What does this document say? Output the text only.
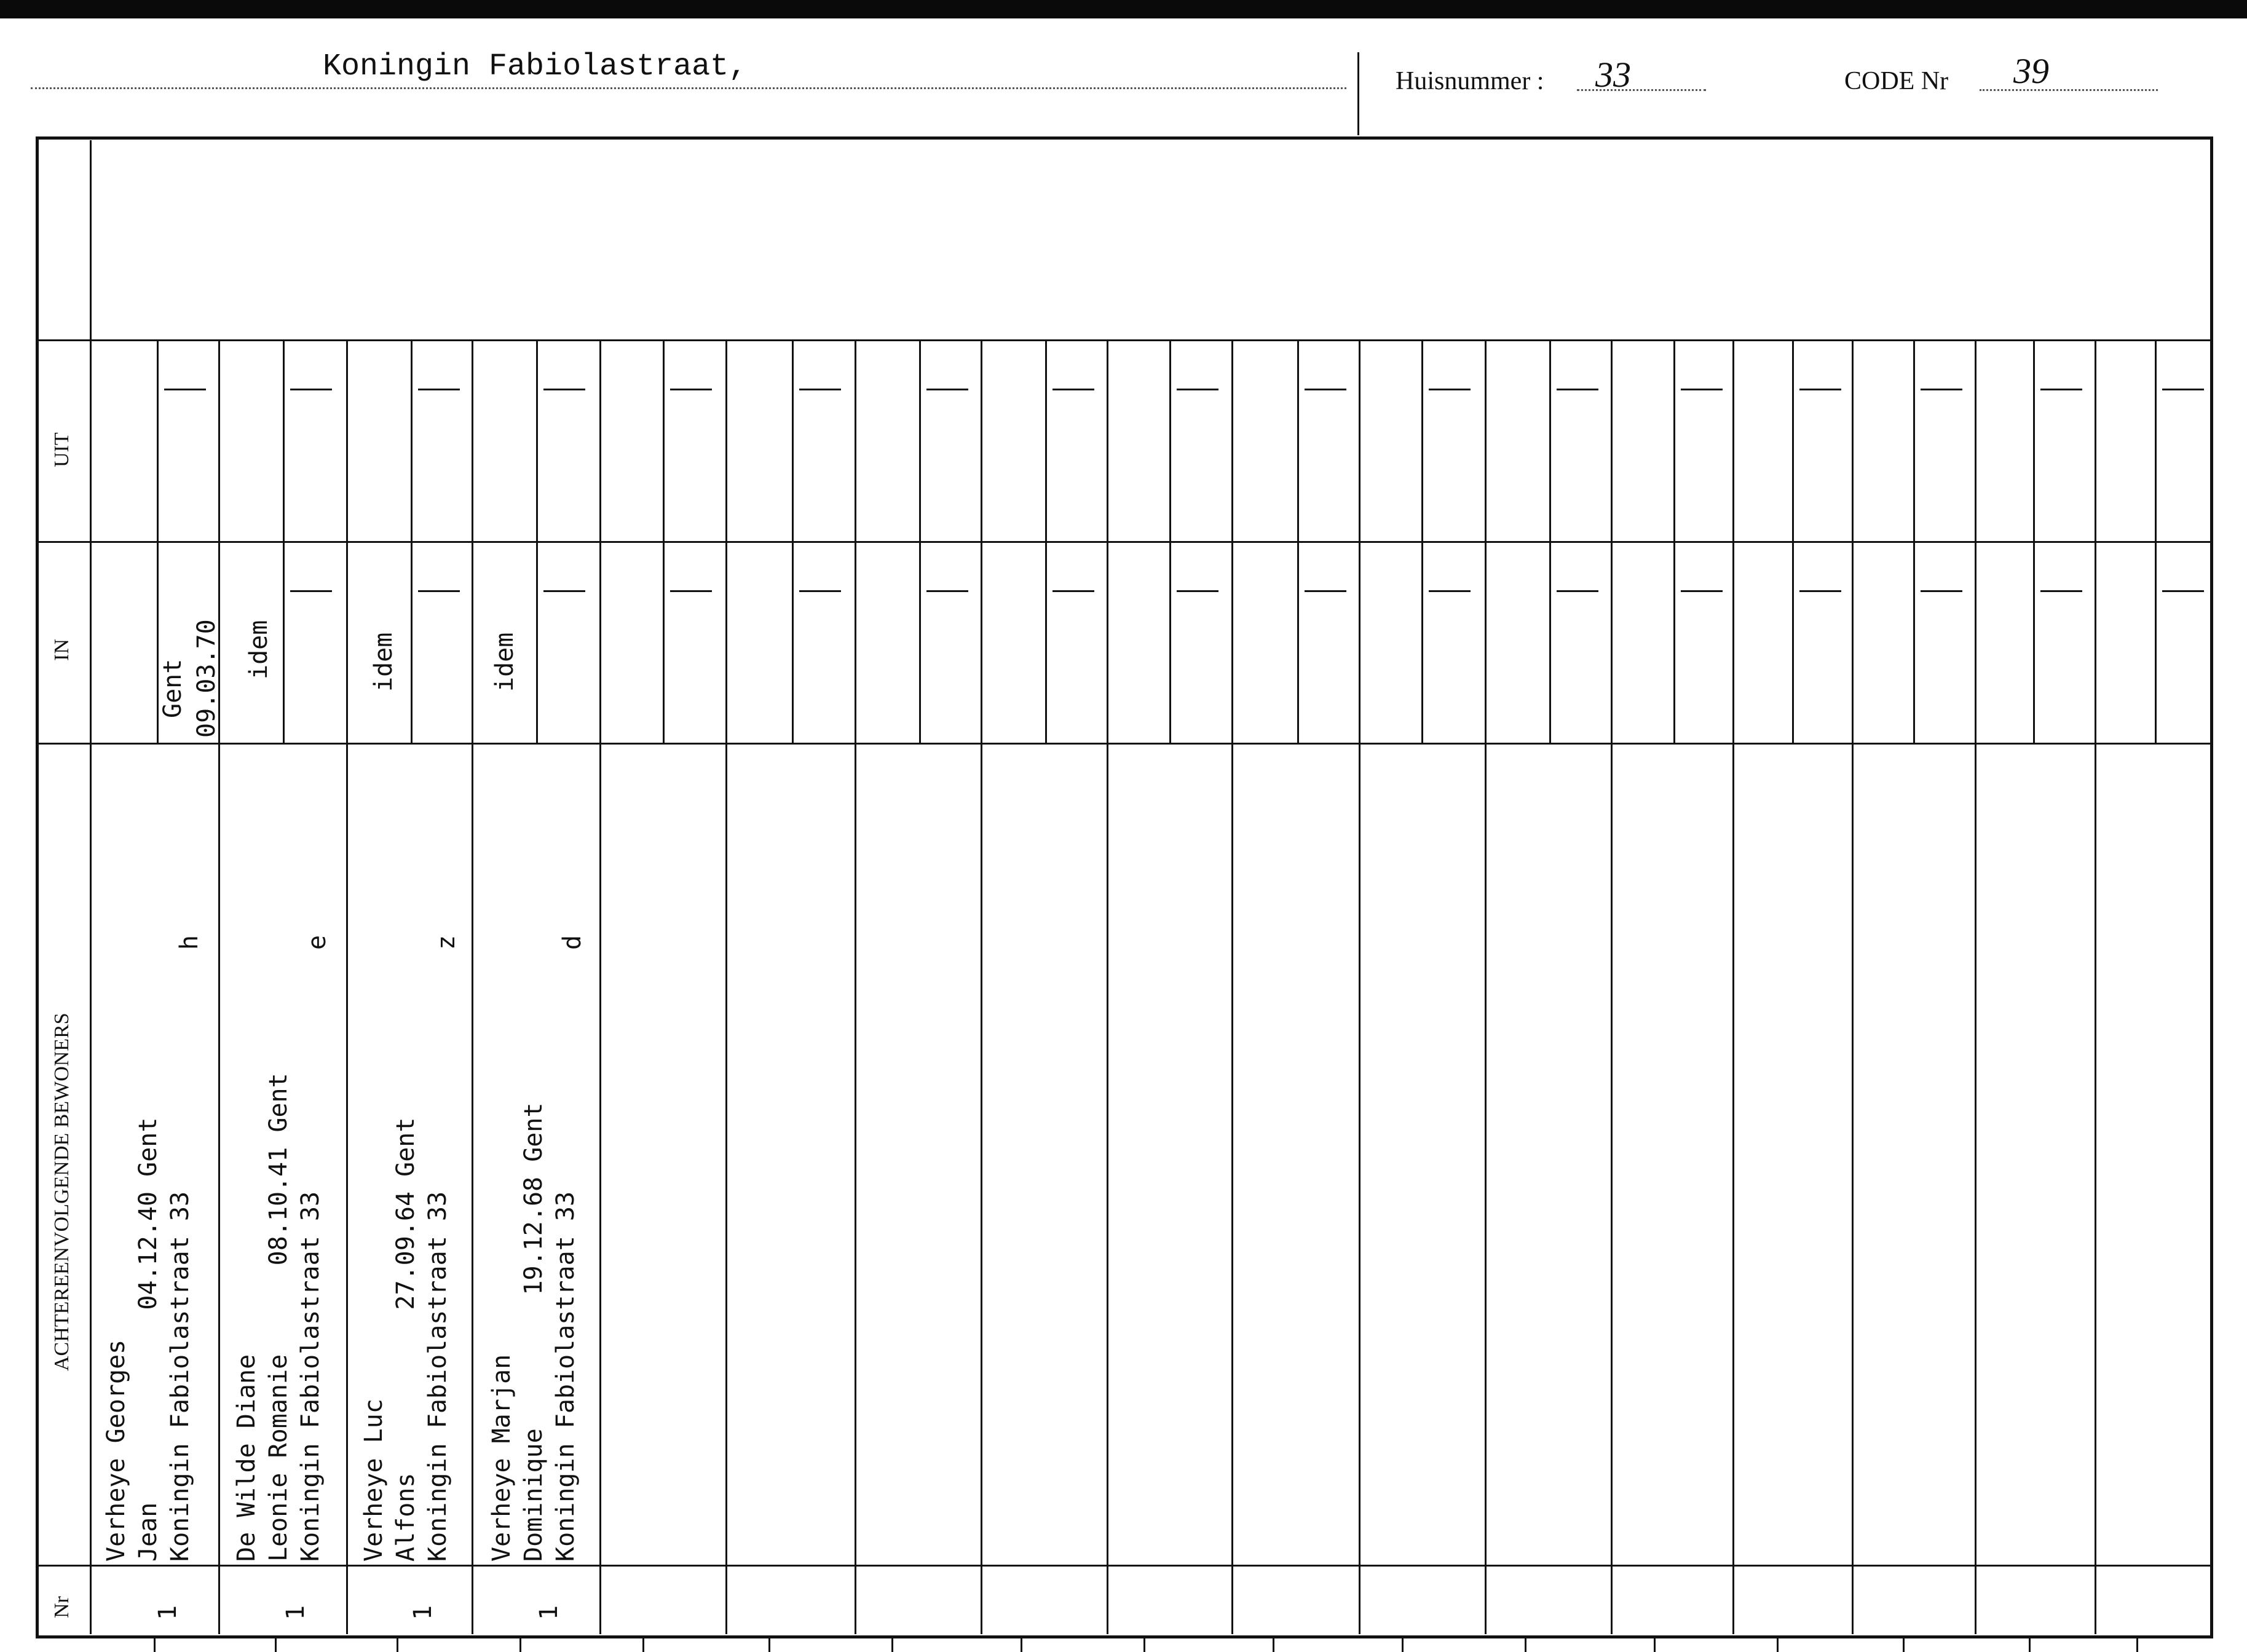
Koningin Fabiolastraat,	Huisnummer : 33	CODE Nr 39
UIT
IN
ACHTEREENVOLGENDE BEWONERS
Nr
Gent 09.03.70
Verheye Georges Jean             04.12.40 Gent Koningin Fabiolastraat 33
h
1
idem
De Wilde Diane Leonie Romanie      08.10.41 Gent Koningin Fabiolastraat 33
e
1
idem
Verheye Luc Alfons           27.09.64 Gent Koningin Fabiolastraat 33
z
1
idem
Verheye Marjan Dominique         19.12.68 Gent Koningin Fabiolastraat 33
d
1
